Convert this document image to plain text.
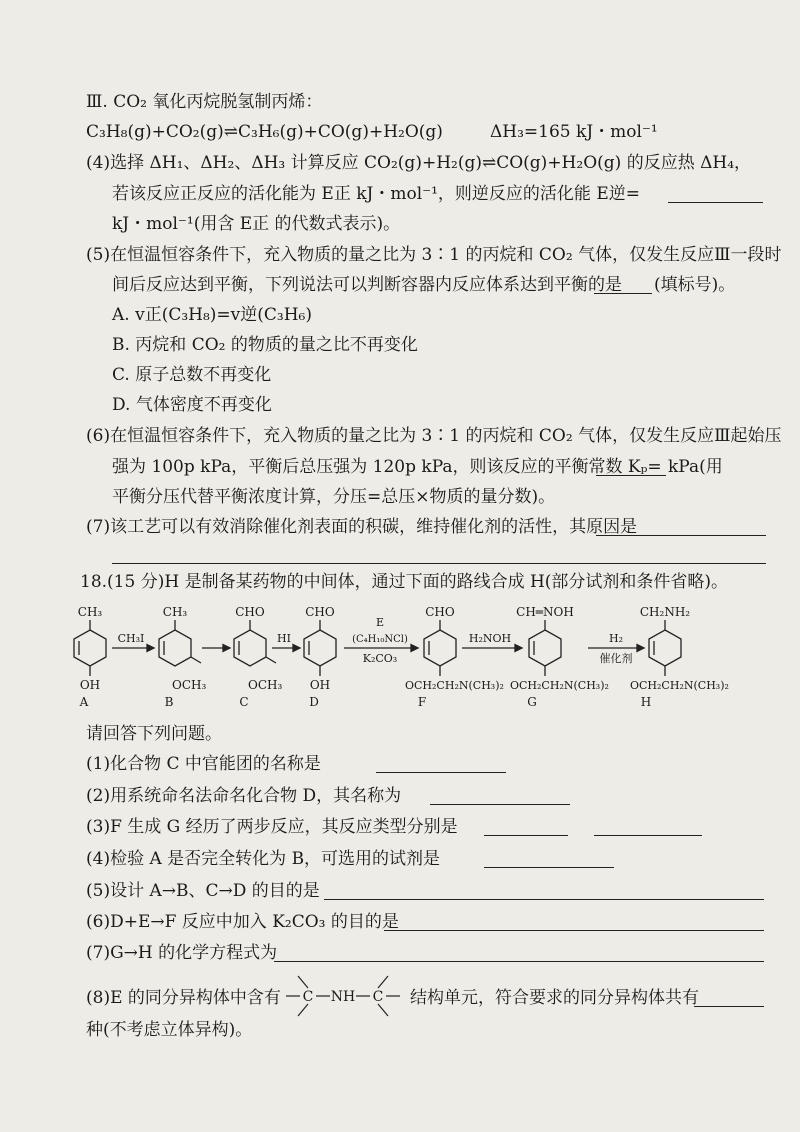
Ⅲ. CO₂ 氧化丙烷脱氢制丙烯：
C₃H₈(g)+CO₂(g)⇌C₃H₆(g)+CO(g)+H₂O(g)	ΔH₃=165 kJ・mol⁻¹
(4)选择 ΔH₁、ΔH₂、ΔH₃ 计算反应 CO₂(g)+H₂(g)⇌CO(g)+H₂O(g) 的反应热 ΔH₄，
若该反应正反应的活化能为 E正 kJ・mol⁻¹，则逆反应的活化能 E逆=
kJ・mol⁻¹(用含 E正 的代数式表示)。
(5)在恒温恒容条件下，充入物质的量之比为 3∶1 的丙烷和 CO₂ 气体，仅发生反应Ⅲ一段时
间后反应达到平衡，下列说法可以判断容器内反应体系达到平衡的是 (填标号)。
A. v正(C₃H₈)=v逆(C₃H₆)
B. 丙烷和 CO₂ 的物质的量之比不再变化
C. 原子总数不再变化
D. 气体密度不再变化
(6)在恒温恒容条件下，充入物质的量之比为 3∶1 的丙烷和 CO₂ 气体，仅发生反应Ⅲ起始压
强为 100p kPa，平衡后总压强为 120p kPa，则该反应的平衡常数 Kₚ= kPa(用
平衡分压代替平衡浓度计算，分压=总压×物质的量分数)。
(7)该工艺可以有效消除催化剂表面的积碳，维持催化剂的活性，其原因是
18.(15 分)H 是制备某药物的中间体，通过下面的路线合成 H(部分试剂和条件省略)。
CH₃
OH
A
CH₃
OCH₃
B
CHO
OCH₃
C
CHO
OH
D
CHO
OCH₂CH₂N(CH₃)₂
F
CH═NOH
OCH₂CH₂N(CH₃)₂
G
CH₂NH₂
OCH₂CH₂N(CH₃)₂
H
CH₃I	HI
E
(C₄H₁₀NCl)
K₂CO₃
H₂NOH	H₂
催化剂
请回答下列问题。
(1)化合物 C 中官能团的名称是
(2)用系统命名法命名化合物 D，其名称为
(3)F 生成 G 经历了两步反应，其反应类型分别是
(4)检验 A 是否完全转化为 B，可选用的试剂是
(5)设计 A→B、C→D 的目的是
(6)D+E→F 反应中加入 K₂CO₃ 的目的是
(7)G→H 的化学方程式为
(8)E 的同分异构体中含有 C NH C
—C—NH—C—
结构单元，符合要求的同分异构体共有
种(不考虑立体异构)。
